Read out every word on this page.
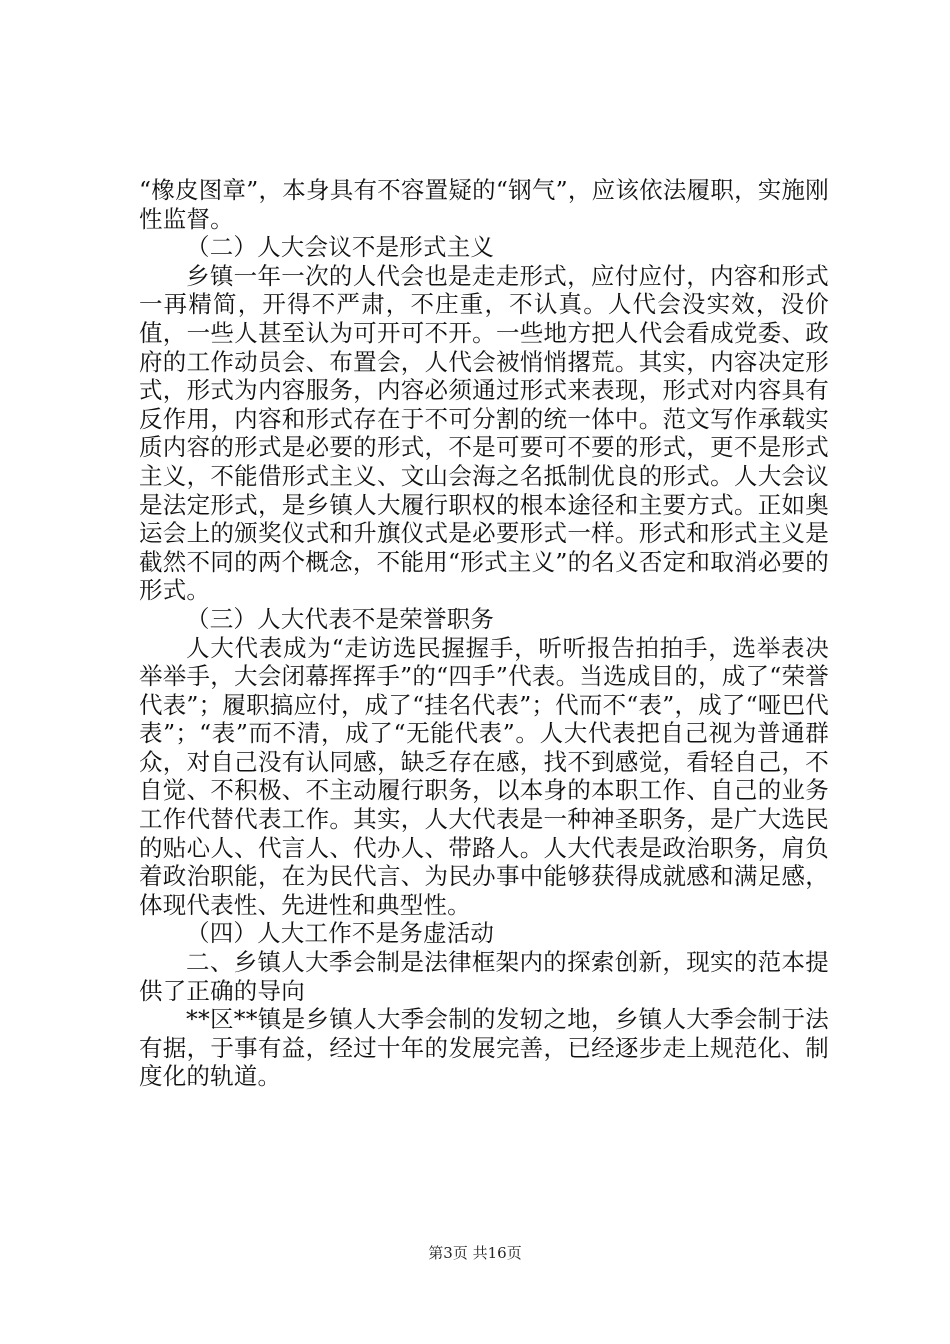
“橡皮图章”，本身具有不容置疑的“钢气”，应该依法履职，实施刚性监督。

（二）人大会议不是形式主义

乡镇一年一次的人代会也是走走形式，应付应付，内容和形式一再精简，开得不严肃，不庄重，不认真。人代会没实效，没价值，一些人甚至认为可开可不开。一些地方把人代会看成党委、政府的工作动员会、布置会，人代会被悄悄撂荒。其实，内容决定形式，形式为内容服务，内容必须通过形式来表现，形式对内容具有反作用，内容和形式存在于不可分割的统一体中。范文写作承载实质内容的形式是必要的形式，不是可要可不要的形式，更不是形式主义，不能借形式主义、文山会海之名抵制优良的形式。人大会议是法定形式，是乡镇人大履行职权的根本途径和主要方式。正如奥运会上的颁奖仪式和升旗仪式是必要形式一样。形式和形式主义是截然不同的两个概念，不能用“形式主义”的名义否定和取消必要的形式。

（三）人大代表不是荣誉职务

人大代表成为“走访选民握握手，听听报告拍拍手，选举表决举举手，大会闭幕挥挥手”的“四手”代表。当选成目的，成了“荣誉代表”；履职搞应付，成了“挂名代表”；代而不“表”，成了“哑巴代表”；“表”而不清，成了“无能代表”。人大代表把自己视为普通群众，对自己没有认同感，缺乏存在感，找不到感觉，看轻自己，不自觉、不积极、不主动履行职务，以本身的本职工作、自己的业务工作代替代表工作。其实，人大代表是一种神圣职务，是广大选民的贴心人、代言人、代办人、带路人。人大代表是政治职务，肩负着政治职能，在为民代言、为民办事中能够获得成就感和满足感，体现代表性、先进性和典型性。

（四）人大工作不是务虚活动

二、乡镇人大季会制是法律框架内的探索创新，现实的范本提供了正确的导向

**区**镇是乡镇人大季会制的发轫之地，乡镇人大季会制于法有据，于事有益，经过十年的发展完善，已经逐步走上规范化、制度化的轨道。

第3页 共16页
